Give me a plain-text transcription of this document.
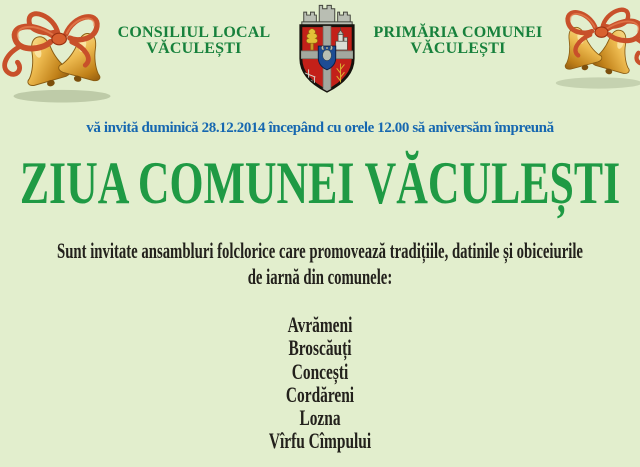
CONSILIUL LOCAL
VĂCULEȘTI
PRIMĂRIA COMUNEI
VĂCULEȘTI
vă invită duminică 28.12.2014 începând cu orele 12.00 să aniversăm împreună
ZIUA COMUNEI VĂCULEȘTI
Sunt invitate ansambluri folclorice care promovează tradițiile, datinile și obiceiurile
de iarnă din comunele:
Avrămeni
Broscăuți
Concești
Cordăreni
Lozna
Vîrfu Cîmpului
